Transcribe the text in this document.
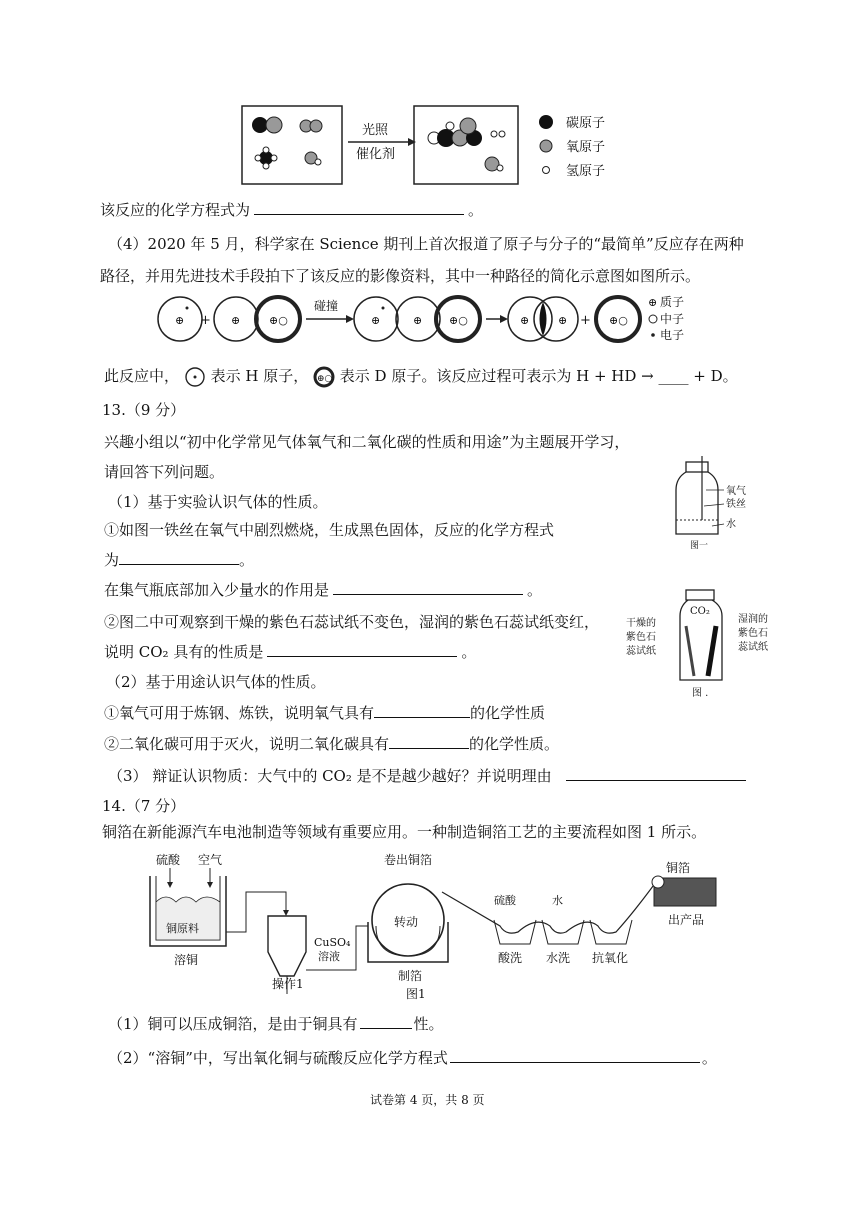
光照
催化剂
碳原子
氧原子
氢原子
该反应的化学方程式为	。
（4）2020 年 5 月，科学家在 Science 期刊上首次报道了原子与分子的“最简单”反应存在两种
路径，并用先进技术手段拍下了该反应的影像资料，其中一种路径的简化示意图如图所示。
⊕ + ⊕	⊕○
碰撞
⊕	⊕ ⊕○	⊕	⊕ + ⊕○
⊕ 质子
中子
电子
此反应中， 表示 H 原子， ⊕○ 表示 D 原子。该反应过程可表示为 H + HD → ____ + D。
13.（9 分）
兴趣小组以“初中化学常见气体氧气和二氧化碳的性质和用途”为主题展开学习，
请回答下列问题。
（1）基于实验认识气体的性质。
①如图一铁丝在氧气中剧烈燃烧，生成黑色固体，反应的化学方程式
为	。
在集气瓶底部加入少量水的作用是	。
②图二中可观察到干燥的紫色石蕊试纸不变色，湿润的紫色石蕊试纸变红，
说明 CO₂ 具有的性质是	。
（2）基于用途认识气体的性质。
①氧气可用于炼钢、炼铁，说明氧气具有	的化学性质
②二氧化碳可用于灭火，说明二氧化碳具有	的化学性质。
（3） 辩证认识物质：大气中的 CO₂ 是不是越少越好？并说明理由
氧气
铁丝
水
图一
CO₂
干燥的
紫色石
蕊试纸
湿润的
紫色石
蕊试纸
图 .
14.（7 分）
铜箔在新能源汽车电池制造等领域有重要应用。一种制造铜箔工艺的主要流程如图 1 所示。
硫酸 空气
铜原料
溶铜
操作1
CuSO₄
溶液
转动
制箔
卷出铜箔
硫酸	水
酸洗 水洗 抗氧化
铜箔
出产品
图1
（1）铜可以压成铜箔，是由于铜具有	性。
（2）“溶铜”中，写出氧化铜与硫酸反应化学方程式	。
试卷第 4 页，共 8 页
